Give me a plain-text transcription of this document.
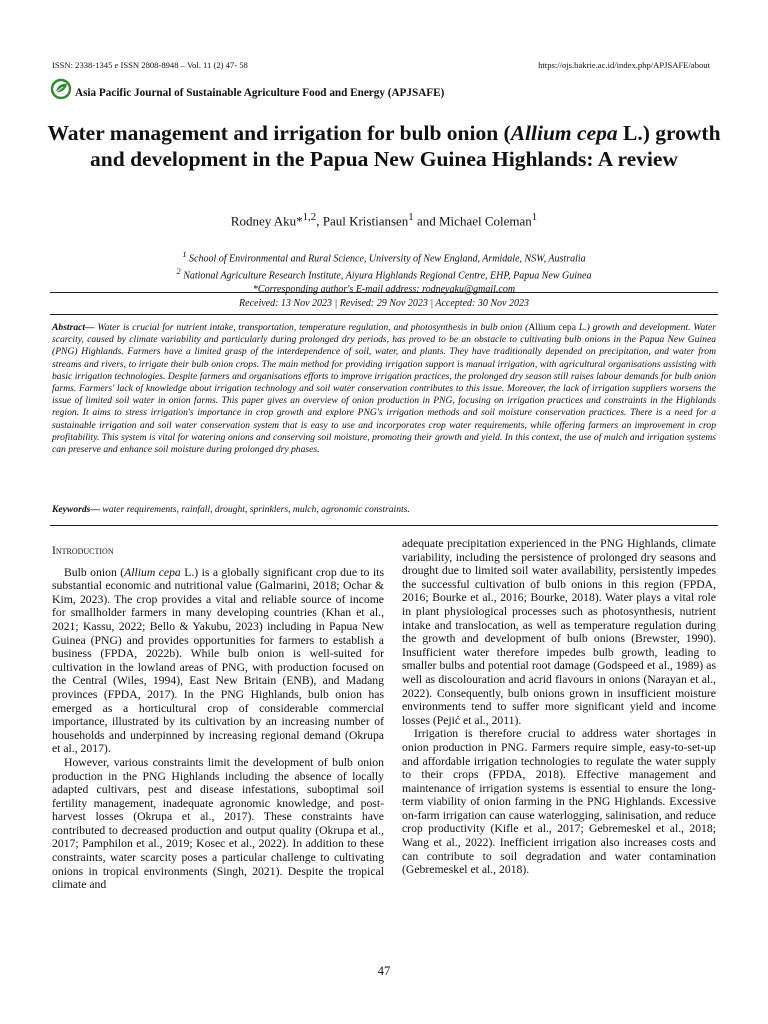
ISSN: 2338-1345 e ISSN 2808-8948 – Vol. 11 (2) 47- 58	https://ojs.bakrie.ac.id/index.php/APJSAFE/about
Asia Pacific Journal of Sustainable Agriculture Food and Energy (APJSAFE)
Water management and irrigation for bulb onion (Allium cepa L.) growth and development in the Papua New Guinea Highlands: A review
Rodney Aku*$^{1,2}$, Paul Kristiansen$^1$ and Michael Coleman$^1$
$^1$ School of Environmental and Rural Science, University of New England, Armidale, NSW, Australia
$^2$ National Agriculture Research Institute, Aiyura Highlands Regional Centre, EHP, Papua New Guinea
*Corresponding author's E-mail address: rodneyaku@gmail.com
Received: 13 Nov 2023 | Revised: 29 Nov 2023 | Accepted: 30 Nov 2023
Abstract— Water is crucial for nutrient intake, transportation, temperature regulation, and photosynthesis in bulb onion (Allium cepa L.) growth and development. Water scarcity, caused by climate variability and particularly during prolonged dry periods, has proved to be an obstacle to cultivating bulb onions in the Papua New Guinea (PNG) Highlands. Farmers have a limited grasp of the interdependence of soil, water, and plants. They have traditionally depended on precipitation, and water from streams and rivers, to irrigate their bulb onion crops. The main method for providing irrigation support is manual irrigation, with agricultural organisations assisting with basic irrigation technologies. Despite farmers and organisations efforts to improve irrigation practices, the prolonged dry season still raises labour demands for bulb onion farms. Farmers' lack of knowledge about irrigation technology and soil water conservation contributes to this issue. Moreover, the lack of irrigation suppliers worsens the issue of limited soil water in onion farms. This paper gives an overview of onion production in PNG, focusing on irrigation practices and constraints in the Highlands region. It aims to stress irrigation's importance in crop growth and explore PNG's irrigation methods and soil moisture conservation practices. There is a need for a sustainable irrigation and soil water conservation system that is easy to use and incorporates crop water requirements, while offering farmers an improvement in crop profitability. This system is vital for watering onions and conserving soil moisture, promoting their growth and yield. In this context, the use of mulch and irrigation systems can preserve and enhance soil moisture during prolonged dry phases.
Keywords— water requirements, rainfall, drought, sprinklers, mulch, agronomic constraints.
Introduction

Bulb onion (Allium cepa L.) is a globally significant crop due to its substantial economic and nutritional value (Galmarini, 2018; Ochar & Kim, 2023). The crop provides a vital and reliable source of income for smallholder farmers in many developing countries (Khan et al., 2021; Kassu, 2022; Bello & Yakubu, 2023) including in Papua New Guinea (PNG) and provides opportunities for farmers to establish a business (FPDA, 2022b). While bulb onion is well-suited for cultivation in the lowland areas of PNG, with production focused on the Central (Wiles, 1994), East New Britain (ENB), and Madang provinces (FPDA, 2017). In the PNG Highlands, bulb onion has emerged as a horticultural crop of considerable commercial importance, illustrated by its cultivation by an increasing number of households and underpinned by increasing regional demand (Okrupa et al., 2017).

However, various constraints limit the development of bulb onion production in the PNG Highlands including the absence of locally adapted cultivars, pest and disease infestations, suboptimal soil fertility management, inadequate agronomic knowledge, and post-harvest losses (Okrupa et al., 2017). These constraints have contributed to decreased production and output quality (Okrupa et al., 2017; Pamphilon et al., 2019; Kosec et al., 2022). In addition to these constraints, water scarcity poses a particular challenge to cultivating onions in tropical environments (Singh, 2021). Despite the tropical climate and

adequate precipitation experienced in the PNG Highlands, climate variability, including the persistence of prolonged dry seasons and drought due to limited soil water availability, persistently impedes the successful cultivation of bulb onions in this region (FPDA, 2016; Bourke et al., 2016; Bourke, 2018). Water plays a vital role in plant physiological processes such as photosynthesis, nutrient intake and translocation, as well as temperature regulation during the growth and development of bulb onions (Brewster, 1990). Insufficient water therefore impedes bulb growth, leading to smaller bulbs and potential root damage (Godspeed et al., 1989) as well as discolouration and acrid flavours in onions (Narayan et al., 2022). Consequently, bulb onions grown in insufficient moisture environments tend to suffer more significant yield and income losses (Pejić et al., 2011).

Irrigation is therefore crucial to address water shortages in onion production in PNG. Farmers require simple, easy-to-set-up and affordable irrigation technologies to regulate the water supply to their crops (FPDA, 2018). Effective management and maintenance of irrigation systems is essential to ensure the long-term viability of onion farming in the PNG Highlands. Excessive on-farm irrigation can cause waterlogging, salinisation, and reduce crop productivity (Kifle et al., 2017; Gebremeskel et al., 2018; Wang et al., 2022). Inefficient irrigation also increases costs and can contribute to soil degradation and water contamination (Gebremeskel et al., 2018).

47
